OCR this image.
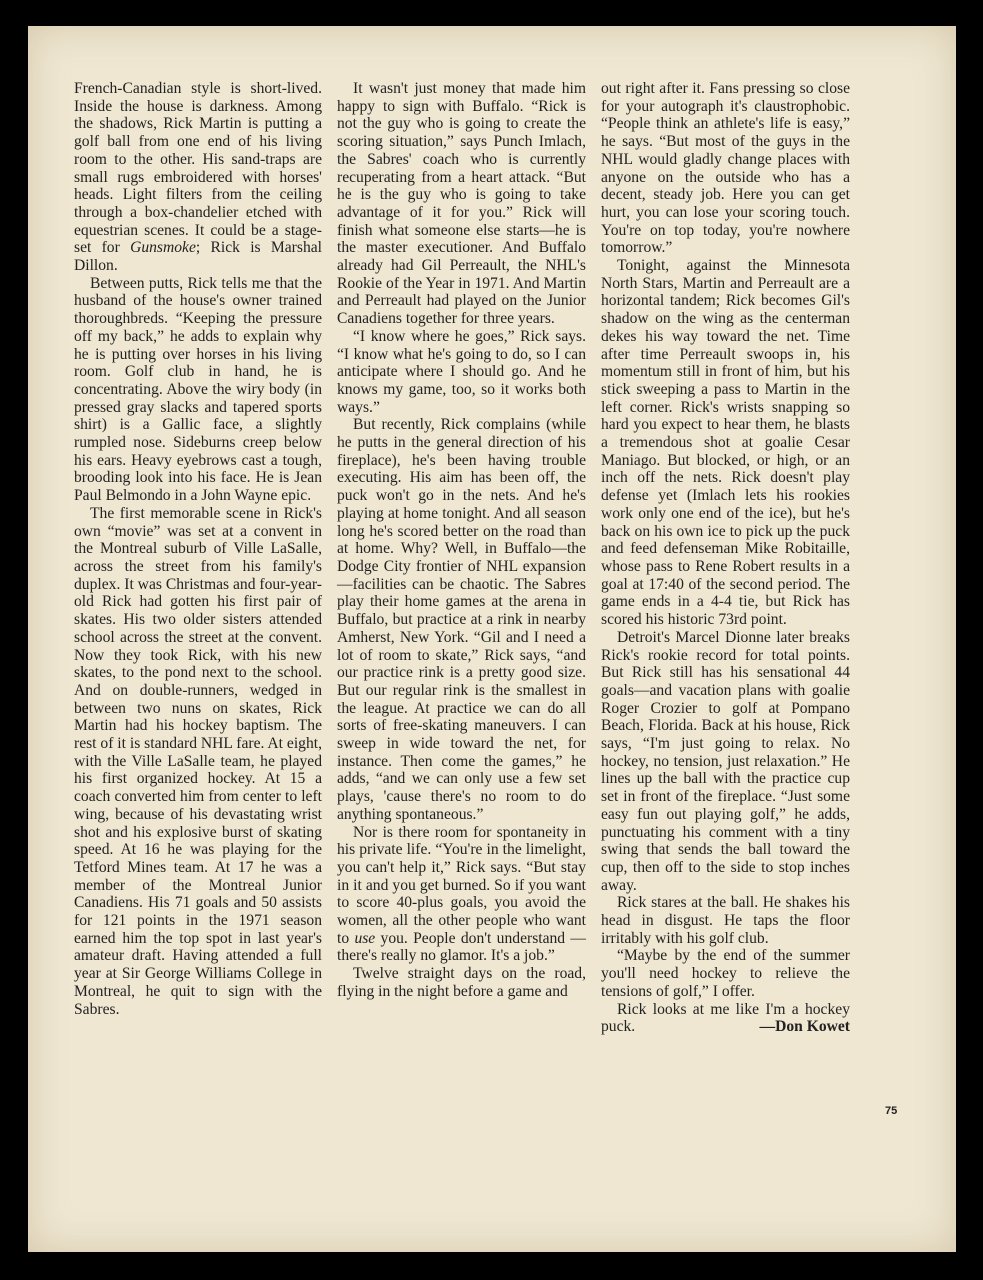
French-Canadian style is short-lived. Inside the house is darkness. Among the shadows, Rick Martin is putting a golf ball from one end of his living room to the other. His sand-traps are small rugs embroidered with horses' heads. Light filters from the ceiling through a box-chandelier etched with equestrian scenes. It could be a stage-set for Gunsmoke; Rick is Marshal Dillon.

Between putts, Rick tells me that the husband of the house's owner trained thoroughbreds. “Keeping the pressure off my back,” he adds to explain why he is putting over horses in his living room. Golf club in hand, he is concentrating. Above the wiry body (in pressed gray slacks and tapered sports shirt) is a Gallic face, a slightly rumpled nose. Sideburns creep below his ears. Heavy eyebrows cast a tough, brooding look into his face. He is Jean Paul Belmondo in a John Wayne epic.

The first memorable scene in Rick's own “movie” was set at a convent in the Montreal suburb of Ville LaSalle, across the street from his family's duplex. It was Christmas and four-year-old Rick had gotten his first pair of skates. His two older sisters attended school across the street at the convent. Now they took Rick, with his new skates, to the pond next to the school. And on double-runners, wedged in between two nuns on skates, Rick Martin had his hockey baptism. The rest of it is standard NHL fare. At eight, with the Ville LaSalle team, he played his first organized hockey. At 15 a coach converted him from center to left wing, because of his devastating wrist shot and his explosive burst of skating speed. At 16 he was playing for the Tetford Mines team. At 17 he was a member of the Montreal Junior Canadiens. His 71 goals and 50 assists for 121 points in the 1971 season earned him the top spot in last year's amateur draft. Having attended a full year at Sir George Williams College in Montreal, he quit to sign with the Sabres.

It wasn't just money that made him happy to sign with Buffalo. “Rick is not the guy who is going to create the scoring situation,” says Punch Imlach, the Sabres' coach who is currently recuperating from a heart attack. “But he is the guy who is going to take advantage of it for you.” Rick will finish what someone else starts—he is the master executioner. And Buffalo already had Gil Perreault, the NHL's Rookie of the Year in 1971. And Martin and Perreault had played on the Junior Canadiens together for three years.

“I know where he goes,” Rick says. “I know what he's going to do, so I can anticipate where I should go. And he knows my game, too, so it works both ways.”

But recently, Rick complains (while he putts in the general direction of his fireplace), he's been having trouble executing. His aim has been off, the puck won't go in the nets. And he's playing at home tonight. And all season long he's scored better on the road than at home. Why? Well, in Buffalo—the Dodge City frontier of NHL expansion—facilities can be chaotic. The Sabres play their home games at the arena in Buffalo, but practice at a rink in nearby Amherst, New York. “Gil and I need a lot of room to skate,” Rick says, “and our practice rink is a pretty good size. But our regular rink is the smallest in the league. At practice we can do all sorts of free-skating maneuvers. I can sweep in wide toward the net, for instance. Then come the games,” he adds, “and we can only use a few set plays, 'cause there's no room to do anything spontaneous.”

Nor is there room for spontaneity in his private life. “You're in the limelight, you can't help it,” Rick says. “But stay in it and you get burned. So if you want to score 40-plus goals, you avoid the women, all the other people who want to use you. People don't understand —there's really no glamor. It's a job.”

Twelve straight days on the road, flying in the night before a game and

out right after it. Fans pressing so close for your autograph it's claustrophobic. “People think an athlete's life is easy,” he says. “But most of the guys in the NHL would gladly change places with anyone on the outside who has a decent, steady job. Here you can get hurt, you can lose your scoring touch. You're on top today, you're nowhere tomorrow.”

Tonight, against the Minnesota North Stars, Martin and Perreault are a horizontal tandem; Rick becomes Gil's shadow on the wing as the centerman dekes his way toward the net. Time after time Perreault swoops in, his momentum still in front of him, but his stick sweeping a pass to Martin in the left corner. Rick's wrists snapping so hard you expect to hear them, he blasts a tremendous shot at goalie Cesar Maniago. But blocked, or high, or an inch off the nets. Rick doesn't play defense yet (Imlach lets his rookies work only one end of the ice), but he's back on his own ice to pick up the puck and feed defenseman Mike Robitaille, whose pass to Rene Robert results in a goal at 17:40 of the second period. The game ends in a 4-4 tie, but Rick has scored his historic 73rd point.

Detroit's Marcel Dionne later breaks Rick's rookie record for total points. But Rick still has his sensational 44 goals—and vacation plans with goalie Roger Crozier to golf at Pompano Beach, Florida. Back at his house, Rick says, “I'm just going to relax. No hockey, no tension, just relaxation.” He lines up the ball with the practice cup set in front of the fireplace. “Just some easy fun out playing golf,” he adds, punctuating his comment with a tiny swing that sends the ball toward the cup, then off to the side to stop inches away.

Rick stares at the ball. He shakes his head in disgust. He taps the floor irritably with his golf club.

“Maybe by the end of the summer you'll need hockey to relieve the tensions of golf,” I offer.

Rick looks at me like I'm a hockey puck.	—Don Kowet

75
